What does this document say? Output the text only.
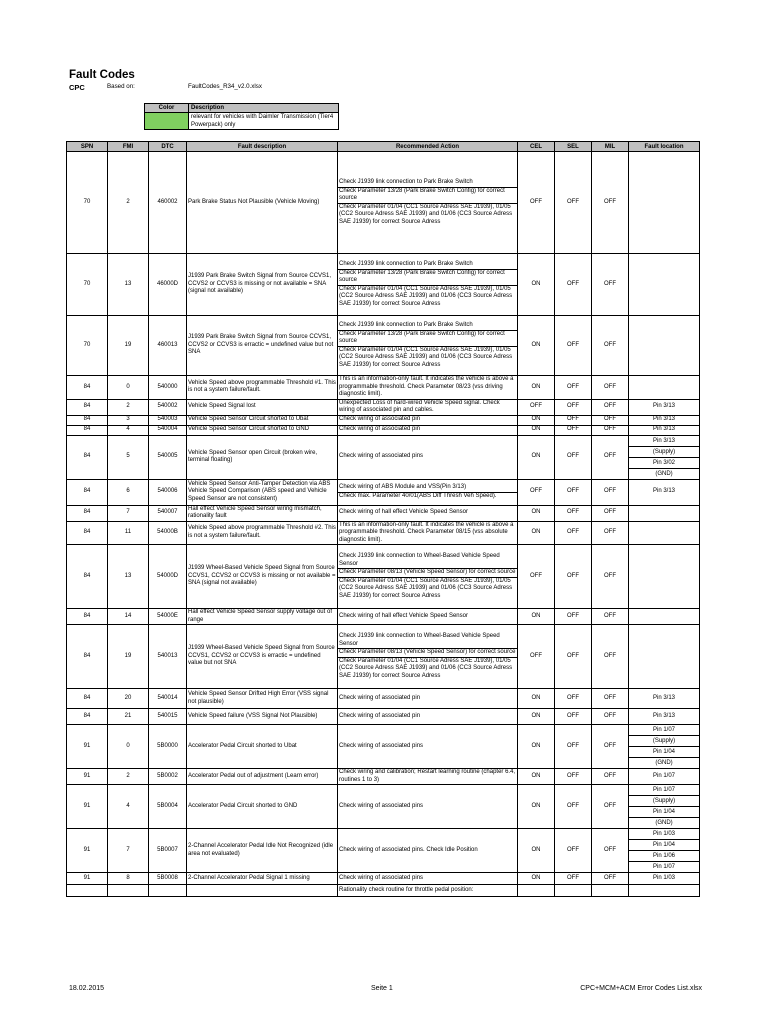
Fault Codes
CPC	Based on:	FaultCodes_R34_v2.0.xlsx
Color	Description
	relevant for vehicles with Daimler Transmission (Tier4 Powerpack) only
SPN	FMI	DTC	Fault description	Recommended Action	CEL	SEL	MIL	Fault location
70	2	460002	Park Brake Status Not Plausible (Vehicle Moving)	Check J1939 link connection to Park Brake Switch
Check Parameter 13/28 (Park Brake Switch Config) for correct source
Check Parameter 01/04 (CC1 Source Adress SAE J1939), 01/05 (CC2 Source Adress SAE J1939) and 01/06 (CC3 Source Adress SAE J1939) for correct Source Adress	OFF	OFF	OFF	
70	13	46000D	J1939 Park Brake Switch Signal from Source CCVS1, CCVS2 or CCVS3 is missing or not available = SNA (signal not available)	Check J1939 link connection to Park Brake Switch
Check Parameter 13/28 (Park Brake Switch Config) for correct source
Check Parameter 01/04 (CC1 Source Adress SAE J1939), 01/05 (CC2 Source Adress SAE J1939) and 01/06 (CC3 Source Adress SAE J1939) for correct Source Adress	ON	OFF	OFF	
70	19	460013	J1939 Park Brake Switch Signal from Source CCVS1, CCVS2 or CCVS3 is erractic = undefined value but not SNA	Check J1939 link connection to Park Brake Switch
Check Parameter 13/28 (Park Brake Switch Config) for correct source
Check Parameter 01/04 (CC1 Source Adress SAE J1939), 01/05 (CC2 Source Adress SAE J1939) and 01/06 (CC3 Source Adress SAE J1939) for correct Source Adress	ON	OFF	OFF	
84	0	540000	Vehicle Speed above programmable Threshold #1. This is not a system failure/fault.	This is an information-only fault. It indicates the vehicle is above a programmable threshold. Check Parameter 08/23 (vss driving diagnostic limit).	ON	OFF	OFF	
84	2	540002	Vehicle Speed Signal lost	Unexpected Loss of hard-wired Vehicle Speed signal. Check wiring of associated pin and cables.	OFF	OFF	OFF	Pin 3/13
84	3	540003	Vehicle Speed Sensor Circuit shorted to Ubat	Check wiring of associated pin	ON	OFF	OFF	Pin 3/13
84	4	540004	Vehicle Speed Sensor Circuit shorted to GND	Check wiring of associated pin	ON	OFF	OFF	Pin 3/13
84	5	540005	Vehicle Speed Sensor open Circuit (broken wire, terminal floating)	Check wiring of associated pins	ON	OFF	OFF	Pin 3/13
(Supply)
Pin 3/02
(GND)

84	6	540006	Vehicle Speed Sensor Anti-Tamper Detection via ABS Vehicle Speed Comparison (ABS speed and Vehicle Speed Sensor are not consistent)	Check wiring of ABS Module and VSS(Pin 3/13)
Check max. Parameter 40/01(ABS Diff Thresh Veh Speed).	OFF	OFF	OFF	Pin 3/13
84	7	540007	Hall effect Vehicle Speed Sensor wiring mismatch, rationality fault	Check wiring of hall effect Vehicle Speed Sensor	ON	OFF	OFF	
84	11	54000B	Vehicle Speed above programmable Threshold #2. This is not a system failure/fault.	This is an information-only fault. It indicates the vehicle is above a programmable threshold. Check Parameter 08/15 (vss absolute diagnostic limit).	ON	OFF	OFF	
84	13	54000D	J1939 Wheel-Based Vehicle Speed Signal from Source CCVS1, CCVS2 or CCVS3 is missing or not available = SNA (signal not available)	Check J1939 link connection to Wheel-Based Vehicle Speed Sensor
Check Parameter 08/13 (Vehicle Speed Sensor) for correct source
Check Parameter 01/04 (CC1 Source Adress SAE J1939), 01/05 (CC2 Source Adress SAE J1939) and 01/06 (CC3 Source Adress SAE J1939) for correct Source Adress	OFF	OFF	OFF	
84	14	54000E	Hall effect Vehicle Speed Sensor supply voltage out of range	Check wiring of hall effect Vehicle Speed Sensor	ON	OFF	OFF	
84	19	540013	J1939 Wheel-Based Vehicle Speed Signal from Source CCVS1, CCVS2 or CCVS3 is erractic = undefined value but not SNA	Check J1939 link connection to Wheel-Based Vehicle Speed Sensor
Check Parameter 08/13 (Vehicle Speed Sensor) for correct source
Check Parameter 01/04 (CC1 Source Adress SAE J1939), 01/05 (CC2 Source Adress SAE J1939) and 01/06 (CC3 Source Adress SAE J1939) for correct Source Adress	OFF	OFF	OFF	
84	20	540014	Vehicle Speed Sensor Drifted High Error (VSS signal not plausible)	Check wiring of associated pin	ON	OFF	OFF	Pin 3/13
84	21	540015	Vehicle Speed failure (VSS Signal Not Plausible)	Check wiring of associated pin	ON	OFF	OFF	Pin 3/13
91	0	5B0000	Accelerator Pedal Circuit shorted to Ubat	Check wiring of associated pins	ON	OFF	OFF	Pin 1/07
(Supply)
Pin 1/04
(GND)

91	2	5B0002	Accelerator Pedal out of adjustment (Learn error)	Check wiring and calibration; Restart learning routine (chapter 6.4, routines 1 to 3)	ON	OFF	OFF	Pin 1/07
91	4	5B0004	Accelerator Pedal Circuit shorted to GND	Check wiring of associated pins	ON	OFF	OFF	Pin 1/07
(Supply)
Pin 1/04
(GND)

91	7	5B0007	2-Channel Accelerator Pedal Idle Not Recognized (idle area not evaluated)	Check wiring of associated pins. Check Idle Position	ON	OFF	OFF	Pin 1/03
Pin 1/04
Pin 1/06
Pin 1/07

91	8	5B0008	2-Channel Accelerator Pedal Signal 1 missing	Check wiring of associated pins	ON	OFF	OFF	Pin 1/03

				Rationality check routine for throttle pedal position:				

18.02.2015	Seite 1	CPC+MCM+ACM Error Codes List.xlsx
